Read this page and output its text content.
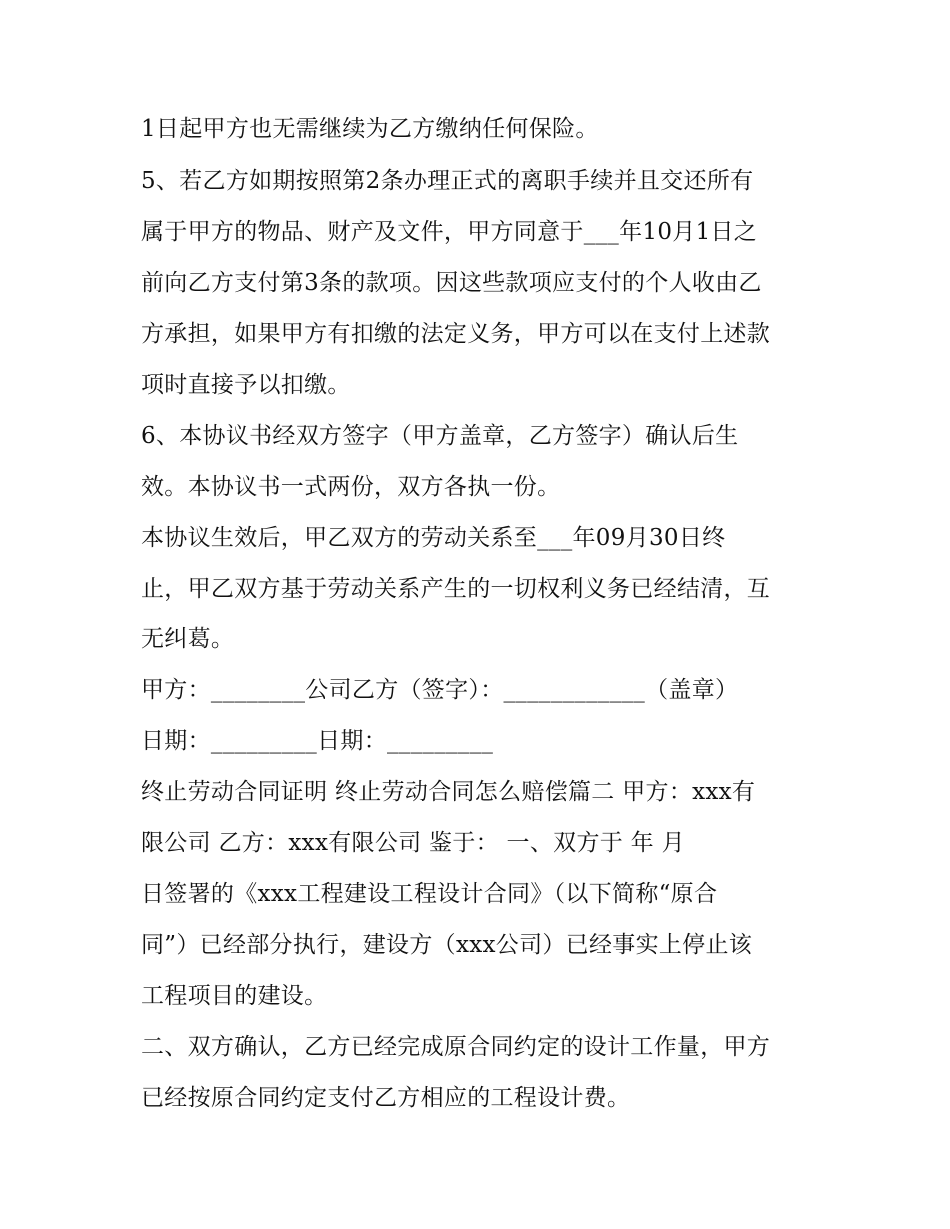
1日起甲方也无需继续为乙方缴纳任何保险。

5、若乙方如期按照第2条办理正式的离职手续并且交还所有

属于甲方的物品、财产及文件，甲方同意于___年10月1日之

前向乙方支付第3条的款项。因这些款项应支付的个人收由乙

方承担，如果甲方有扣缴的法定义务，甲方可以在支付上述款

项时直接予以扣缴。

6、本协议书经双方签字（甲方盖章，乙方签字）确认后生

效。本协议书一式两份，双方各执一份。

本协议生效后，甲乙双方的劳动关系至___年09月30日终

止，甲乙双方基于劳动关系产生的一切权利义务已经结清，互

无纠葛。

甲方：________公司乙方（签字）：____________（盖章）

日期：_________日期：_________

终止劳动合同证明 终止劳动合同怎么赔偿篇二 甲方：xxx有

限公司 乙方：xxx有限公司 鉴于： 一、双方于 年 月

日签署的《xxx工程建设工程设计合同》（以下简称“原合

同”）已经部分执行，建设方（xxx公司）已经事实上停止该

工程项目的建设。

二、双方确认，乙方已经完成原合同约定的设计工作量，甲方

已经按原合同约定支付乙方相应的工程设计费。
